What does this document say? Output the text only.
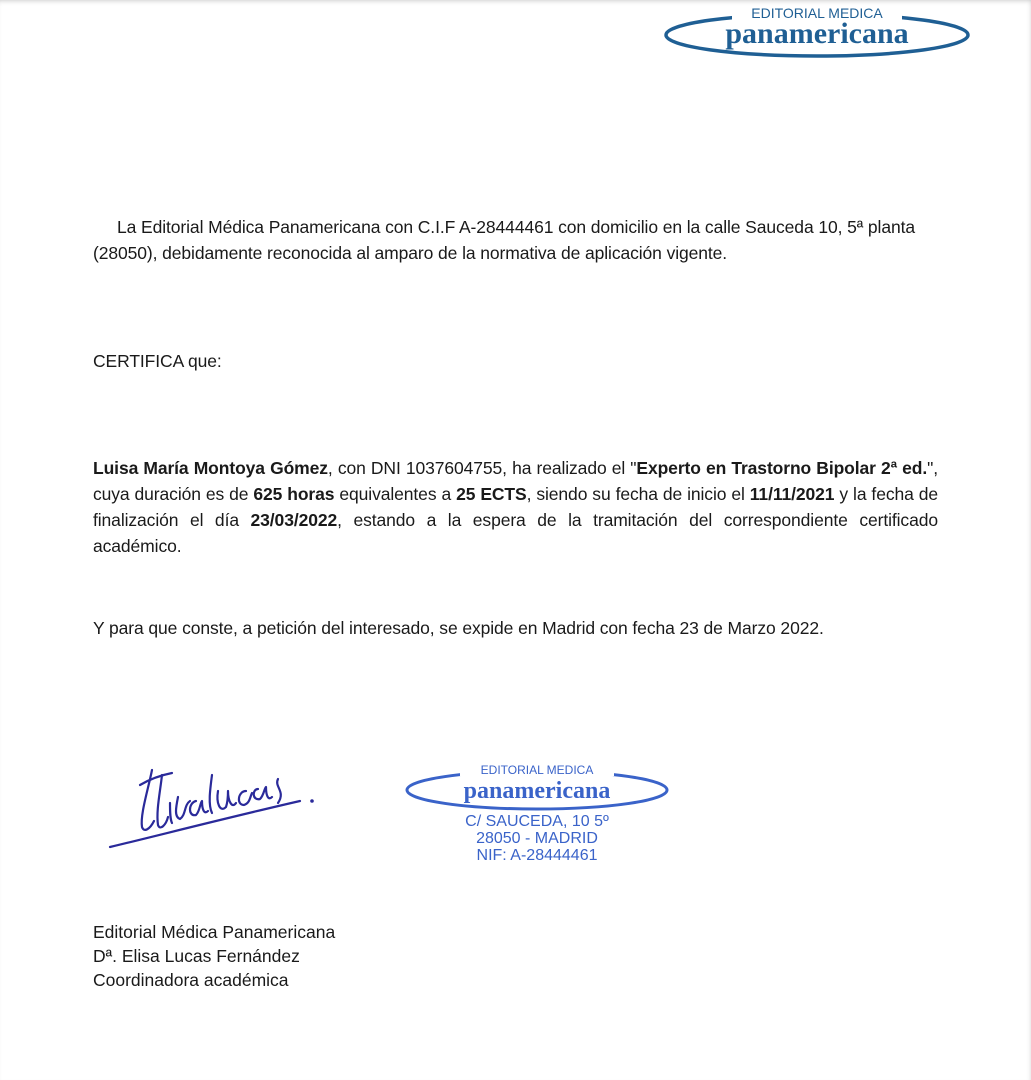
EDITORIAL MEDICA
panamericana
La Editorial Médica Panamericana con C.I.F A-28444461 con domicilio en la calle Sauceda 10, 5ª planta (28050), debidamente reconocida al amparo de la normativa de aplicación vigente.
CERTIFICA que:
Luisa María Montoya Gómez, con DNI 1037604755, ha realizado el "Experto en Trastorno Bipolar 2ª ed.", cuya duración es de 625 horas equivalentes a 25 ECTS, siendo su fecha de inicio el 11/11/2021 y la fecha de finalización el día 23/03/2022, estando a la espera de la tramitación del correspondiente certificado académico.
Y para que conste, a petición del interesado, se expide en Madrid con fecha 23 de Marzo 2022.
EDITORIAL MEDICA
panamericana
C/ SAUCEDA, 10 5º
28050 - MADRID
NIF: A-28444461
Editorial Médica Panamericana
Dª. Elisa Lucas Fernández
Coordinadora académica
